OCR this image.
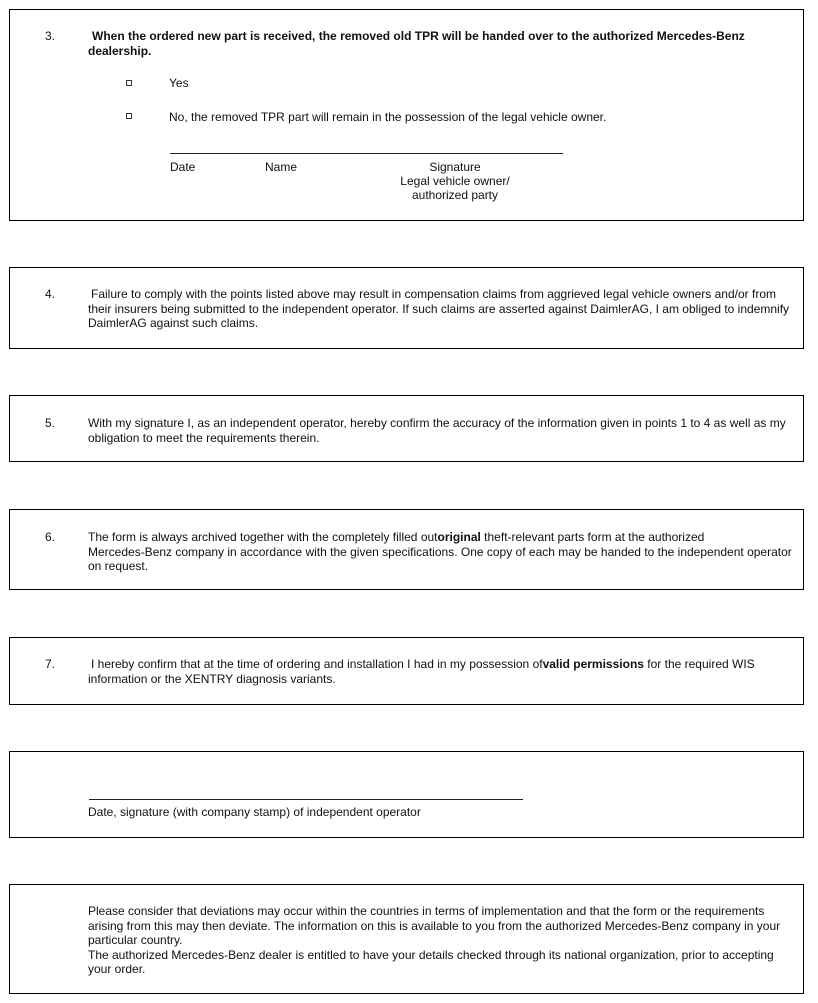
3.	When the ordered new part is received, the removed old TPR will be handed over to the authorized Mercedes-Benz
dealership.
Yes
No, the removed TPR part will remain in the possession of the legal vehicle owner.
Date	Name	Signature
Legal vehicle owner/
authorized party
4.	Failure to comply with the points listed above may result in compensation claims from aggrieved legal vehicle owners and/or from
their insurers being submitted to the independent operator. If such claims are asserted against DaimlerAG, I am obliged to indemnify
DaimlerAG against such claims.
5.	With my signature I, as an independent operator, hereby confirm the accuracy of the information given in points 1 to 4 as well as my
obligation to meet the requirements therein.
6.	The form is always archived together with the completely filled outoriginal theft-relevant parts form at the authorized
Mercedes-Benz company in accordance with the given specifications. One copy of each may be handed to the independent operator
on request.
7.	I hereby confirm that at the time of ordering and installation I had in my possession ofvalid permissions for the required WIS
information or the XENTRY diagnosis variants.
Date, signature (with company stamp) of independent operator
Please consider that deviations may occur within the countries in terms of implementation and that the form or the requirements
arising from this may then deviate. The information on this is available to you from the authorized Mercedes-Benz company in your
particular country.
The authorized Mercedes-Benz dealer is entitled to have your details checked through its national organization, prior to accepting
your order.
